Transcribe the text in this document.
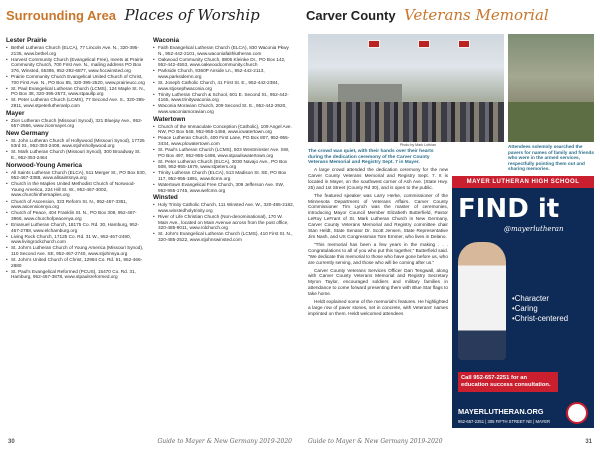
Surrounding Area Places of Worship
Lester Prairie
• Bethel Lutheran Church (ELCA), 77 Lincoln Ave. N., 320-395-2135, www.bethel.org
• Harvest Community Church (Evangelical Free), meets at Prairie Community Church, 700 First Ave. N., mailing address PO Box 376, Winsted, 55395, 952-292-6877, www.hccwinsted.org
• Prairie Community Church Evangelical United Church of Christ, 700 First Ave. N., PO Box 85, 320-395-2520, www.prairieucc.org
• St. Paul Evangelical Lutheran Church (LCMS), 124 Maple St. N., PO Box 38, 320-395-2573, www.stpaullp.org
• St. Peter Lutheran Church (LCMS), 77 Second Ave. S., 320-395-2811, www.stpeterlutheranlp.com
Mayer
• Zion Lutheran Church (Missouri Synod), 321 Bluejay Ave., 952-657-2566, www.zionmayer.org
New Germany
• St. John Lutheran Church of Hollywood (Missouri Synod), 17725 53rd St., 952-353-2408, www.stjohnhollywood.org
• St. Mark Lutheran Church (Missouri Synod), 300 Broadway St. E., 952-353-2464
Norwood-Young America
• All Saints Lutheran Church (ELCA), 511 Merger St., PO Box 530, 952-467-3388, www.allsaintsnya.org
• Church in the Maples United Methodist Church of Norwood-Young America, 224 Hill St. W., 952-467-3002, www.churchinthemaples.org
• Church of Ascension, 323 Reform St. N., 952-467-3351, www.ascensionnya.org
• Church of Peace, 404 Franklin St. N., PO Box 308, 952-467-3966, www.churchofpeacenya.org
• Emanuel Lutheran Church, 18175 Co. Rd. 30, Hamburg, 952-467-2788, www.elchamburg.org
• Living Rock Church, 17125 Co. Rd. 31 W., 952-467-2490, www.livingrockchurch.com
• St. John's Lutheran Church of Young America (Missouri Synod), 110 Second Ave. SE, 952-467-2740, www.stjohnnya.org
• St. John's United Church of Christ, 12984 Co. Rd. 51, 952-466-2880
• St. Paul's Evangelical Reformed (PCUS), 15470 Co. Rd. 31, Hamburg, 952-467-3878, www.stpaulsreformed.org
Waconia
• Faith Evangelical Lutheran Church (ELCA), 830 Waconia Pkwy N., 952-442-2101, www.waconiafaithlutheran.com
• Oakwood Community Church, 8805 Kleinke Dr., PO Box 142, 952-442-4553, www.oakwoodcommunity.church
• Parkside Church, 9360P Airside Ln., 952-442-2113, www.parksidemn.org
• St. Joseph Catholic Church, 41 First St. E., 952-442-2384, www.stjosephwaconia.org
• Trinity Lutheran Church & School, 601 E. Second St., 952-442-4165, www.trinitywaconia.org
• Waconia Moravian Church, 209 Second St. E., 952-442-2920, www.waconiamoravian.org
Watertown
• Church of the Immaculate Conception (Catholic), 109 Angel Ave. NW, PO Box 548, 952-955-1458, www.icwatertown.org
• Peace Lutheran Church, 400 First Lane, PO Box 807, 952-955-3434, www.plcwatertown.com
• St. Paul's Lutheran Church (LCMS), 503 Westminster Ave. SW, PO Box 497, 952-955-1498, www.stpaulswatertown.org
• St. Peter Lutheran Church (ELCA), 3030 Navajo Ave., PO Box 508, 952-955-1679, www.stpeters.org
• Trinity Lutheran Church (ELCA), 513 Madison St. SE, PO Box 117, 952-955-1891, www.tlcmn.org
• Watertown Evangelical Free Church, 309 Jefferson Ave. SW, 952-955-1745, www.wefcmn.org
Winsted
• Holy Trinity Catholic Church, 111 Winsted Ave. W., 320-485-2182, www.winstedholytrinity.org
• River of Life Christian Church (Non-denominational), 170 W. Main Ave., located on Main Avenue across from the post office, 320-485-9011, www.rolchurch.org
• St. John's Evangelical Lutheran Church (LCMS), 410 First St. N., 320-485-2522, www.stjohnswinsted.com
30	Guide to Mayer & New Germany 2019-2020
Carver County Veterans Memorial
Photo by Mark Lothian
The crowd was quiet, with their hands over their hearts during the dedication ceremony of the Carver County Veterans Memorial and Registry Sept. 7 in Mayer.
Attendees solemnly searched the pavers for names of family and friends who were in the armed services, respectfully pointing them out and sharing memories.

A large crowd attended the dedication ceremony for the new Carver County Veterans Memorial and Registry Sept. 7. It is located in Mayer, on the southwest corner of Ash Ave. (State Hwy. 25) and 1st Street (County Rd 30), and is open to the public.

The featured speaker was Larry Herke, commissioner of the Minnesota Department of Veterans Affairs. Carver County Commissioner Tim Lynch was the master of ceremonies, introducing Mayor Council Member Elizabeth Butterfield, Pastor LeRoy LeFrant of St. Mark Lutheran Church in New Germany, Carver County Veterans Memorial and Registry committee chair Stan Heldt, State Senator Dr. Scott Jensen, State Representative Jim Nash, and US Congressman Tom Emmer, who lives in Delano.

"This memorial has been a few years in the making . . . Congratulations to all of you who put this together," Butterfield said. "We dedicate this memorial to those who have gone before us, who are currently serving, and those who will be coming after us."

Carver County Veterans Services Officer Dan Tengwall, along with Carver County Veterans Memorial and Registry Secretary Myron Taylor, encouraged soldiers and military families in attendance to come forward presenting them with Blue Star flags to take home.

Heldt explained some of the memorial's features. He highlighted a large row of paver stones, set in concrete, with Veterans' names imprinted on them. Heldt welcomed attendees

MAYER LUTHERAN HIGH SCHOOL
FIND it
@mayerlutheran
• Character
• Caring
• Christ-centered
Call 952-657-2251 for an education success consultation.
MAYERLUTHERAN.ORG
952-657-2251 | 305 FIFTH STREET NE | MAYER
Guide to Mayer & New Germany 2019-2020	31
